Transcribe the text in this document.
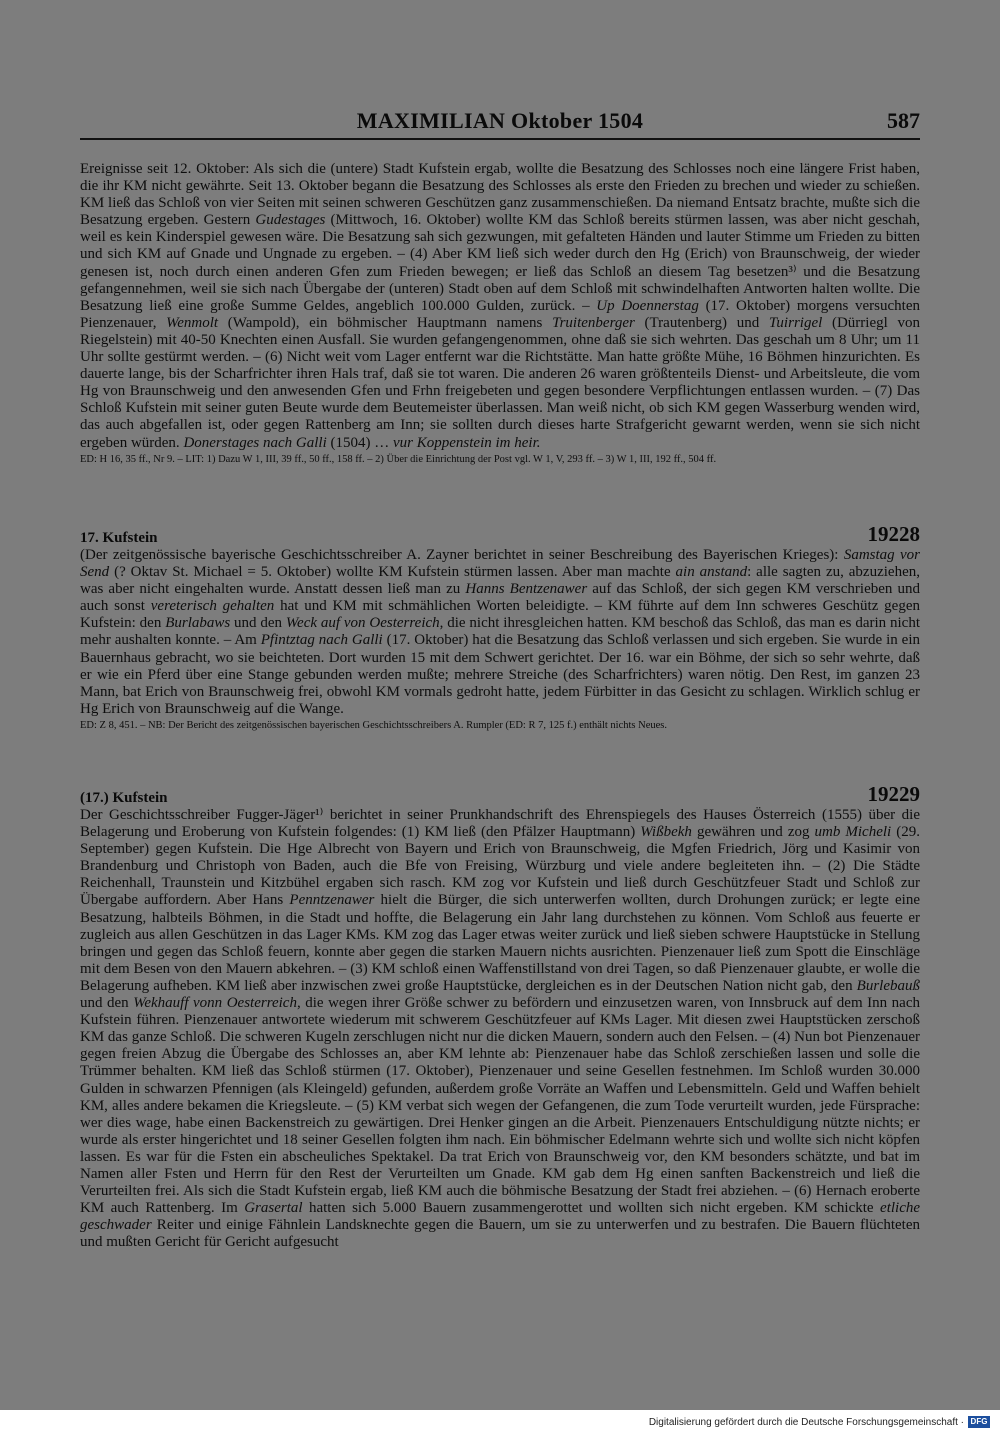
MAXIMILIAN Oktober 1504	587

Ereignisse seit 12. Oktober: Als sich die (untere) Stadt Kufstein ergab, wollte die Besatzung des Schlosses noch eine längere Frist haben, die ihr KM nicht gewährte. Seit 13. Oktober begann die Besatzung des Schlosses als erste den Frieden zu brechen und wieder zu schießen. KM ließ das Schloß von vier Seiten mit seinen schweren Geschützen ganz zusammenschießen. Da niemand Entsatz brachte, mußte sich die Besatzung ergeben. Gestern Gudestages (Mittwoch, 16. Oktober) wollte KM das Schloß bereits stürmen lassen, was aber nicht geschah, weil es kein Kinderspiel gewesen wäre. Die Besatzung sah sich gezwungen, mit gefalteten Händen und lauter Stimme um Frieden zu bitten und sich KM auf Gnade und Ungnade zu ergeben. – (4) Aber KM ließ sich weder durch den Hg (Erich) von Braunschweig, der wieder genesen ist, noch durch einen anderen Gfen zum Frieden bewegen; er ließ das Schloß an diesem Tag besetzen³⁾ und die Besatzung gefangennehmen, weil sie sich nach Übergabe der (unteren) Stadt oben auf dem Schloß mit schwindelhaften Antworten halten wollte. Die Besatzung ließ eine große Summe Geldes, angeblich 100.000 Gulden, zurück. – Up Doennerstag (17. Oktober) morgens versuchten Pienzenauer, Wenmolt (Wampold), ein böhmischer Hauptmann namens Truitenberger (Trautenberg) und Tuirrigel (Dürriegl von Riegelstein) mit 40-50 Knechten einen Ausfall. Sie wurden gefangengenommen, ohne daß sie sich wehrten. Das geschah um 8 Uhr; um 11 Uhr sollte gestürmt werden. – (6) Nicht weit vom Lager entfernt war die Richtstätte. Man hatte größte Mühe, 16 Böhmen hinzurichten. Es dauerte lange, bis der Scharfrichter ihren Hals traf, daß sie tot waren. Die anderen 26 waren größtenteils Dienst- und Arbeitsleute, die vom Hg von Braunschweig und den anwesenden Gfen und Frhn freigebeten und gegen besondere Verpflichtungen entlassen wurden. – (7) Das Schloß Kufstein mit seiner guten Beute wurde dem Beutemeister überlassen. Man weiß nicht, ob sich KM gegen Wasserburg wenden wird, das auch abgefallen ist, oder gegen Rattenberg am Inn; sie sollten durch dieses harte Strafgericht gewarnt werden, wenn sie sich nicht ergeben würden. Donerstages nach Galli (1504) … vur Koppenstein im heir.

ED: H 16, 35 ff., Nr 9. – LIT: 1) Dazu W 1, III, 39 ff., 50 ff., 158 ff. – 2) Über die Einrichtung der Post vgl. W 1, V, 293 ff. – 3) W 1, III, 192 ff., 504 ff.

17. Kufstein	19228

(Der zeitgenössische bayerische Geschichtsschreiber A. Zayner berichtet in seiner Beschreibung des Bayerischen Krieges): Samstag vor Send (? Oktav St. Michael = 5. Oktober) wollte KM Kufstein stürmen lassen. Aber man machte ain anstand: alle sagten zu, abzuziehen, was aber nicht eingehalten wurde. Anstatt dessen ließ man zu Hanns Bentzenawer auf das Schloß, der sich gegen KM verschrieben und auch sonst vereterisch gehalten hat und KM mit schmählichen Worten beleidigte. – KM führte auf dem Inn schweres Geschütz gegen Kufstein: den Burlabaws und den Weck auf von Oesterreich, die nicht ihresgleichen hatten. KM beschoß das Schloß, das man es darin nicht mehr aushalten konnte. – Am Pfintztag nach Galli (17. Oktober) hat die Besatzung das Schloß verlassen und sich ergeben. Sie wurde in ein Bauernhaus gebracht, wo sie beichteten. Dort wurden 15 mit dem Schwert gerichtet. Der 16. war ein Böhme, der sich so sehr wehrte, daß er wie ein Pferd über eine Stange gebunden werden mußte; mehrere Streiche (des Scharfrichters) waren nötig. Den Rest, im ganzen 23 Mann, bat Erich von Braunschweig frei, obwohl KM vormals gedroht hatte, jedem Fürbitter in das Gesicht zu schlagen. Wirklich schlug er Hg Erich von Braunschweig auf die Wange.

ED: Z 8, 451. – NB: Der Bericht des zeitgenössischen bayerischen Geschichtsschreibers A. Rumpler (ED: R 7, 125 f.) enthält nichts Neues.

(17.) Kufstein	19229

Der Geschichtsschreiber Fugger-Jäger¹⁾ berichtet in seiner Prunkhandschrift des Ehrenspiegels des Hauses Österreich (1555) über die Belagerung und Eroberung von Kufstein folgendes: (1) KM ließ (den Pfälzer Hauptmann) Wißbekh gewähren und zog umb Micheli (29. September) gegen Kufstein. Die Hge Albrecht von Bayern und Erich von Braunschweig, die Mgfen Friedrich, Jörg und Kasimir von Brandenburg und Christoph von Baden, auch die Bfe von Freising, Würzburg und viele andere begleiteten ihn. – (2) Die Städte Reichenhall, Traunstein und Kitzbühel ergaben sich rasch. KM zog vor Kufstein und ließ durch Geschützfeuer Stadt und Schloß zur Übergabe auffordern. Aber Hans Penntzenawer hielt die Bürger, die sich unterwerfen wollten, durch Drohungen zurück; er legte eine Besatzung, halbteils Böhmen, in die Stadt und hoffte, die Belagerung ein Jahr lang durchstehen zu können. Vom Schloß aus feuerte er zugleich aus allen Geschützen in das Lager KMs. KM zog das Lager etwas weiter zurück und ließ sieben schwere Hauptstücke in Stellung bringen und gegen das Schloß feuern, konnte aber gegen die starken Mauern nichts ausrichten. Pienzenauer ließ zum Spott die Einschläge mit dem Besen von den Mauern abkehren. – (3) KM schloß einen Waffenstillstand von drei Tagen, so daß Pienzenauer glaubte, er wolle die Belagerung aufheben. KM ließ aber inzwischen zwei große Hauptstücke, dergleichen es in der Deutschen Nation nicht gab, den Burlebauß und den Wekhauff vonn Oesterreich, die wegen ihrer Größe schwer zu befördern und einzusetzen waren, von Innsbruck auf dem Inn nach Kufstein führen. Pienzenauer antwortete wiederum mit schwerem Geschützfeuer auf KMs Lager. Mit diesen zwei Hauptstücken zerschoß KM das ganze Schloß. Die schweren Kugeln zerschlugen nicht nur die dicken Mauern, sondern auch den Felsen. – (4) Nun bot Pienzenauer gegen freien Abzug die Übergabe des Schlosses an, aber KM lehnte ab: Pienzenauer habe das Schloß zerschießen lassen und solle die Trümmer behalten. KM ließ das Schloß stürmen (17. Oktober), Pienzenauer und seine Gesellen festnehmen. Im Schloß wurden 30.000 Gulden in schwarzen Pfennigen (als Kleingeld) gefunden, außerdem große Vorräte an Waffen und Lebensmitteln. Geld und Waffen behielt KM, alles andere bekamen die Kriegsleute. – (5) KM verbat sich wegen der Gefangenen, die zum Tode verurteilt wurden, jede Fürsprache: wer dies wage, habe einen Backenstreich zu gewärtigen. Drei Henker gingen an die Arbeit. Pienzenauers Entschuldigung nützte nichts; er wurde als erster hingerichtet und 18 seiner Gesellen folgten ihm nach. Ein böhmischer Edelmann wehrte sich und wollte sich nicht köpfen lassen. Es war für die Fsten ein abscheuliches Spektakel. Da trat Erich von Braunschweig vor, den KM besonders schätzte, und bat im Namen aller Fsten und Herrn für den Rest der Verurteilten um Gnade. KM gab dem Hg einen sanften Backenstreich und ließ die Verurteilten frei. Als sich die Stadt Kufstein ergab, ließ KM auch die böhmische Besatzung der Stadt frei abziehen. – (6) Hernach eroberte KM auch Rattenberg. Im Grasertal hatten sich 5.000 Bauern zusammengerottet und wollten sich nicht ergeben. KM schickte etliche geschwader Reiter und einige Fähnlein Landsknechte gegen die Bauern, um sie zu unterwerfen und zu bestrafen. Die Bauern flüchteten und mußten Gericht für Gericht aufgesucht

Digitalisierung gefördert durch die Deutsche Forschungsgemeinschaft · DFG
